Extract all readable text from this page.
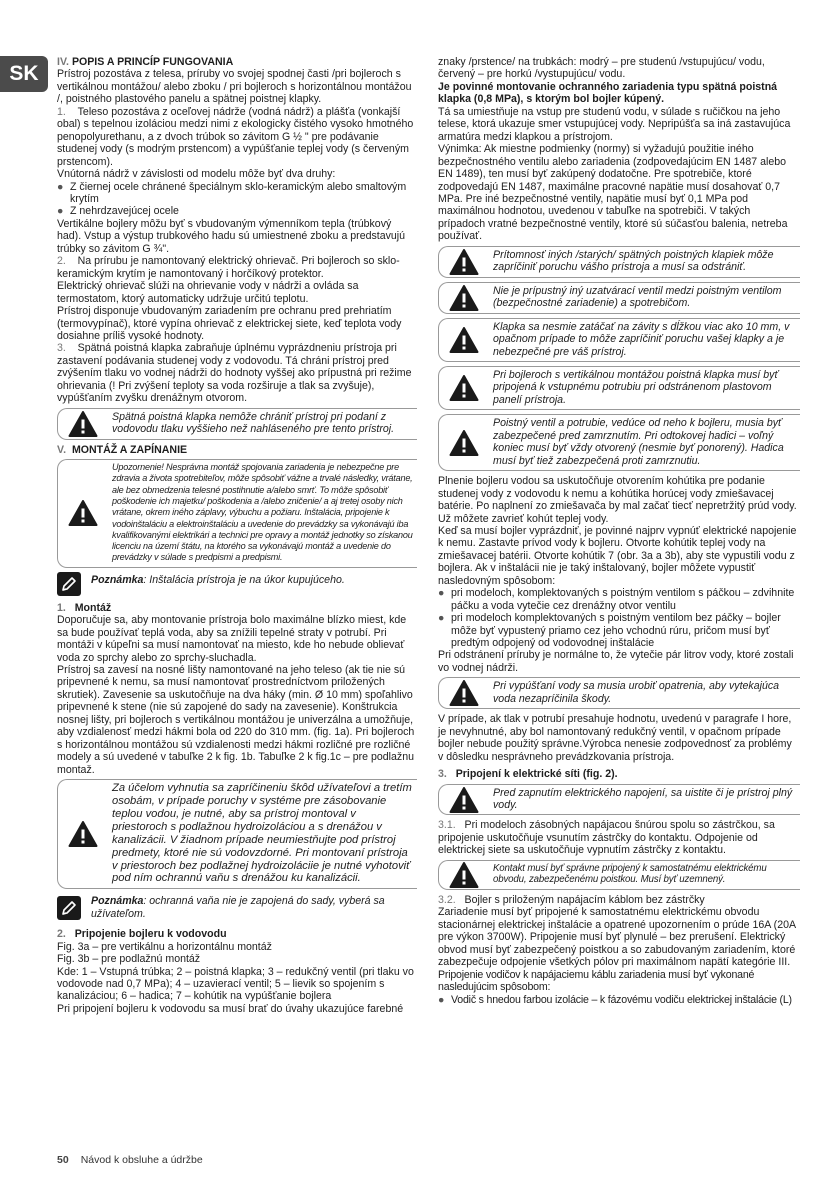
SK	IV. POPIS A PRINCÍP FUNGOVANIA

Prístroj pozostáva z telesa, príruby vo svojej spodnej časti /pri bojleroch s vertikálnou montážou/ alebo zboku / pri bojleroch s horizontálnou montážou /, poistného plastového panelu a spätnej poistnej klapky.

1. Teleso pozostáva z oceľovej nádrže (vodná nádrž) a plášťa (vonkajší obal) s tepelnou izoláciou medzi nimi z ekologicky čistého vysoko hmotného penopolyurethanu, a z dvoch trúbok so závitom G ½ " pre podávanie studenej vody (s modrým prstencom) a vypúšťanie teplej vody (s červeným prstencom).

Vnútorná nádrž v závislosti od modelu môže byť dva druhy:

● Z čiernej ocele chránené špeciálnym sklo-keramickým alebo smaltovým krytím

● Z nehrdzavejúcej ocele

Vertikálne bojlery môžu byť s vbudovaným výmenníkom tepla (trúbkový had). Vstup a výstup trubkového hadu sú umiestnené zboku a predstavujú trúbky so závitom G ¾".

2. Na prírubu je namontovaný elektrický ohrievač. Pri bojleroch so sklo-keramickým krytím je namontovaný i horčíkový protektor.

Elektrický ohrievač slúži na ohrievanie vody v nádrži a ovláda sa termostatom, ktorý automaticky udržuje určitú teplotu.

Prístroj disponuje vbudovaným zariadením pre ochranu pred prehriatím (termovypínač), ktoré vypína ohrievač z elektrickej siete, keď teplota vody dosiahne príliš vysoké hodnoty.

3. Spätná poistná klapka zabraňuje úplnému vyprázdneniu prístroja pri zastavení podávania studenej vody z vodovodu. Tá chráni prístroj pred zvýšením tlaku vo vodnej nádrži do hodnoty vyššej ako prípustná pri režime ohrievania (! Pri zvýšení teploty sa voda rozširuje a tlak sa zvyšuje), vypúšťaním zvyšku drenážnym otvorom.

Spätná poistná klapka nemôže chrániť prístroj pri podaní z vodovodu tlaku vyššieho než nahláseného pre tento prístroj.

V. MONTÁŽ A ZAPÍNANIE

Upozornenie! Nesprávna montáž spojovania zariadenia je nebezpečne pre zdravia a života spotrebiteľov, môže spôsobiť vážne a trvalé následky, vrátane, ale bez obmedzenia telesné postihnutie a/alebo smrť. To môže spôsobiť poškodenie ich majetku/ poškodenia a /alebo zničenie/ a aj tretej osoby nich vrátane, okrem iného záplavy, výbuchu a požiaru. Inštalácia, pripojenie k vodoinštaláciu a elektroinštaláciu a uvedenie do prevádzky sa vykonávajú iba kvalifikovanými elektrikári a technici pre opravy a montáž jednotky so získanou licenciu na území štátu, na ktorého sa vykonávajú montáž a uvedenie do prevádzky v súlade s predpismi a predpismi.
Poznámka: Inštalácia prístroja je na úkor kupujúceho.

1. Montáž

Doporučuje sa, aby montovanie prístroja bolo maximálne blízko miest, kde sa bude používať teplá voda, aby sa znížili tepelné straty v potrubí. Pri montáži v kúpeľni sa musí namontovať na miesto, kde ho nebude oblievať voda zo sprchy alebo zo sprchy-sluchadla.

Prístroj sa zavesí na nosné lišty namontované na jeho teleso (ak tie nie sú pripevnené k nemu, sa musí namontovať prostredníctvom priložených skrutiek). Zavesenie sa uskutočňuje na dva háky (min. Ø 10 mm) spoľahlivo pripevnené k stene (nie sú zapojené do sady na zavesenie). Konštrukcia nosnej lišty, pri bojleroch s vertikálnou montážou je univerzálna a umožňuje, aby vzdialenosť medzi hákmi bola od 220 do 310 mm. (fig. 1a). Pri bojleroch s horizontálnou montážou sú vzdialenosti medzi hákmi rozličné pre rozličné modely a sú uvedené v tabuľke 2 k fig. 1b. Tabuľke 2 k fig.1c – pre podlažnu montaž.

Za účelom vyhnutia sa zapríčineniu škôd užívateľovi a tretím osobám, v prípade poruchy v systéme pre zásobovanie teplou vodou, je nutné, aby sa prístroj montoval v priestoroch s podlažnou hydroizoláciou a s drenážou v kanalizácii. V žiadnom prípade neumiestňujte pod prístroj predmety, ktoré nie sú vodovzdorné. Pri montovaní prístroja v priestoroch bez podlažnej hydroizoláciie je nutné vyhotoviť pod ním ochrannú vaňu s drenážou ku kanalizácii.
Poznámka: ochranná vaňa nie je zapojená do sady, vyberá sa užívateľom.

2. Pripojenie bojleru k vodovodu

Fig. 3a – pre vertikálnu a horizontálnu montáž

Fig. 3b – pre podlažnú montáž

Kde: 1 – Vstupná trúbka; 2 – poistná klapka; 3 – redukčný ventil (pri tlaku vo vodovode nad 0,7 MPa); 4 – uzavierací ventil; 5 – lievik so spojením s kanalizáciou; 6 – hadica; 7 – kohútik na vypúšťanie bojlera

Pri pripojení bojleru k vodovodu sa musí brať do úvahy ukazujúce farebné

znaky /prstence/ na trubkách: modrý – pre studenú /vstupujúcu/ vodu, červený – pre horkú /vystupujúcu/ vodu.

Je povinné montovanie ochranného zariadenia typu spätná poistná klapka (0,8 MPa), s ktorým bol bojler kúpený.

Tá sa umiestňuje na vstup pre studenú vodu, v súlade s ručičkou na jeho telese, ktorá ukazuje smer vstupujúcej vody. Nepripúšťa sa iná zastavujúca armatúra medzi klapkou a prístrojom.

Výnimka: Ak miestne podmienky (normy) si vyžadujú použitie iného bezpečnostného ventilu alebo zariadenia (zodpovedajúcim EN 1487 alebo EN 1489), ten musí byť zakúpený dodatočne. Pre spotrebiče, ktoré zodpovedajú EN 1487, maximálne pracovné napätie musí dosahovať 0,7 MPa. Pre iné bezpečnostné ventily, napätie musí byť 0,1 MPa pod maximálnou hodnotou, uvedenou v tabuľke na spotrebiči. V takých prípadoch vratné bezpečnostné ventily, ktoré sú súčasťou balenia, netreba používať.

Prítomnosť iných /starých/ spätných poistných klapiek môže zapríčiniť poruchu vášho prístroja a musí sa odstrániť.
Nie je prípustný iný uzatvárací ventil medzi poistným ventilom (bezpečnostné zariadenie) a spotrebičom.
Klapka sa nesmie zatáčať na závity s dĺžkou viac ako 10 mm, v opačnom prípade to môže zapríčiniť poruchu vašej klapky a je nebezpečné pre váš prístroj.
Pri bojleroch s vertikálnou montážou poistná klapka musí byť pripojená k vstupnému potrubiu pri odstránenom plastovom panelí prístroja.
Poistný ventil a potrubie, vedúce od neho k bojleru, musia byť zabezpečené pred zamrznutím. Pri odtokovej hadici – voľný koniec musí byť vždy otvorený (nesmie byť ponorený). Hadica musí byť tiež zabezpečená proti zamrznutiu.

Plnenie bojleru vodou sa uskutočňuje otvorením kohútika pre podanie studenej vody z vodovodu k nemu a kohútika horúcej vody zmiešavacej batérie. Po naplnení zo zmiešavača by mal začať tiecť nepretržitý prúd vody. Už môžete zavrieť kohút teplej vody.

Keď sa musí bojler vyprázdniť, je povinné najprv vypnúť elektrické napojenie k nemu. Zastavte prívod vody k bojleru. Otvorte kohútik teplej vody na zmiešavacej batérii. Otvorte kohútik 7 (obr. 3a a 3b), aby ste vypustili vodu z bojlera. Ak v inštalácii nie je taký inštalovaný, bojler môžete vypustiť nasledovným spôsobom:

● pri modeloch, komplektovaných s poistným ventilom s páčkou – zdvihnite páčku a voda vytečie cez drenážny otvor ventilu

● pri modeloch komplektovaných s poistným ventilom bez páčky – bojler môže byť vypustený priamo cez jeho vchodnú rúru, pričom musí byť predtým odpojený od vodovodnej inštalácie

Pri odstránení príruby je normálne to, že vytečie pár litrov vody, ktoré zostali vo vodnej nádrži.

Pri vypúšťaní vody sa musia urobiť opatrenia, aby vytekajúca voda nezapríčinila škody.

V prípade, ak tlak v potrubí presahuje hodnotu, uvedenú v paragrafe I hore, je nevyhnutné, aby bol namontovaný redukčný ventil, v opačnom prípade bojler nebude použitý správne.Výrobca nenesie zodpovednosť za problémy v dôsledku nesprávneho prevádzkovania prístroja.

3. Pripojení k elektrické síti (fig. 2).

Pred zapnutím elektrického napojení, sa uistite či je prístroj plný vody.

3.1. Pri modeloch zásobných napájacou šnúrou spolu so zástrčkou, sa pripojenie uskutočňuje vsunutím zástrčky do kontaktu. Odpojenie od elektrickej siete sa uskutočňuje vypnutím zástrčky z kontaktu.

Kontakt musí byť správne pripojený k samostatnému elektrickému obvodu, zabezpečenému poistkou. Musí byť uzemnený.

3.2. Bojler s priloženým napájacím káblom bez zástrčky

Zariadenie musí byť pripojené k samostatnému elektrickému obvodu stacionárnej elektrickej inštalácie a opatrené upozornením o prúde 16A (20A pre výkon 3700W). Pripojenie musí byť plynulé – bez prerušení. Elektrický obvod musí byť zabezpečený poistkou a so zabudovaným zariadením, ktoré zabezpečuje odpojenie všetkých pólov pri maximálnom napätí kategórie III.

Pripojenie vodičov k napájaciemu káblu zariadenia musí byť vykonané nasledujúcim spôsobom:

● Vodič s hnedou farbou izolácie – k fázovému vodiču elektrickej inštalácie (L)

50 Návod k obsluhe a údržbe
